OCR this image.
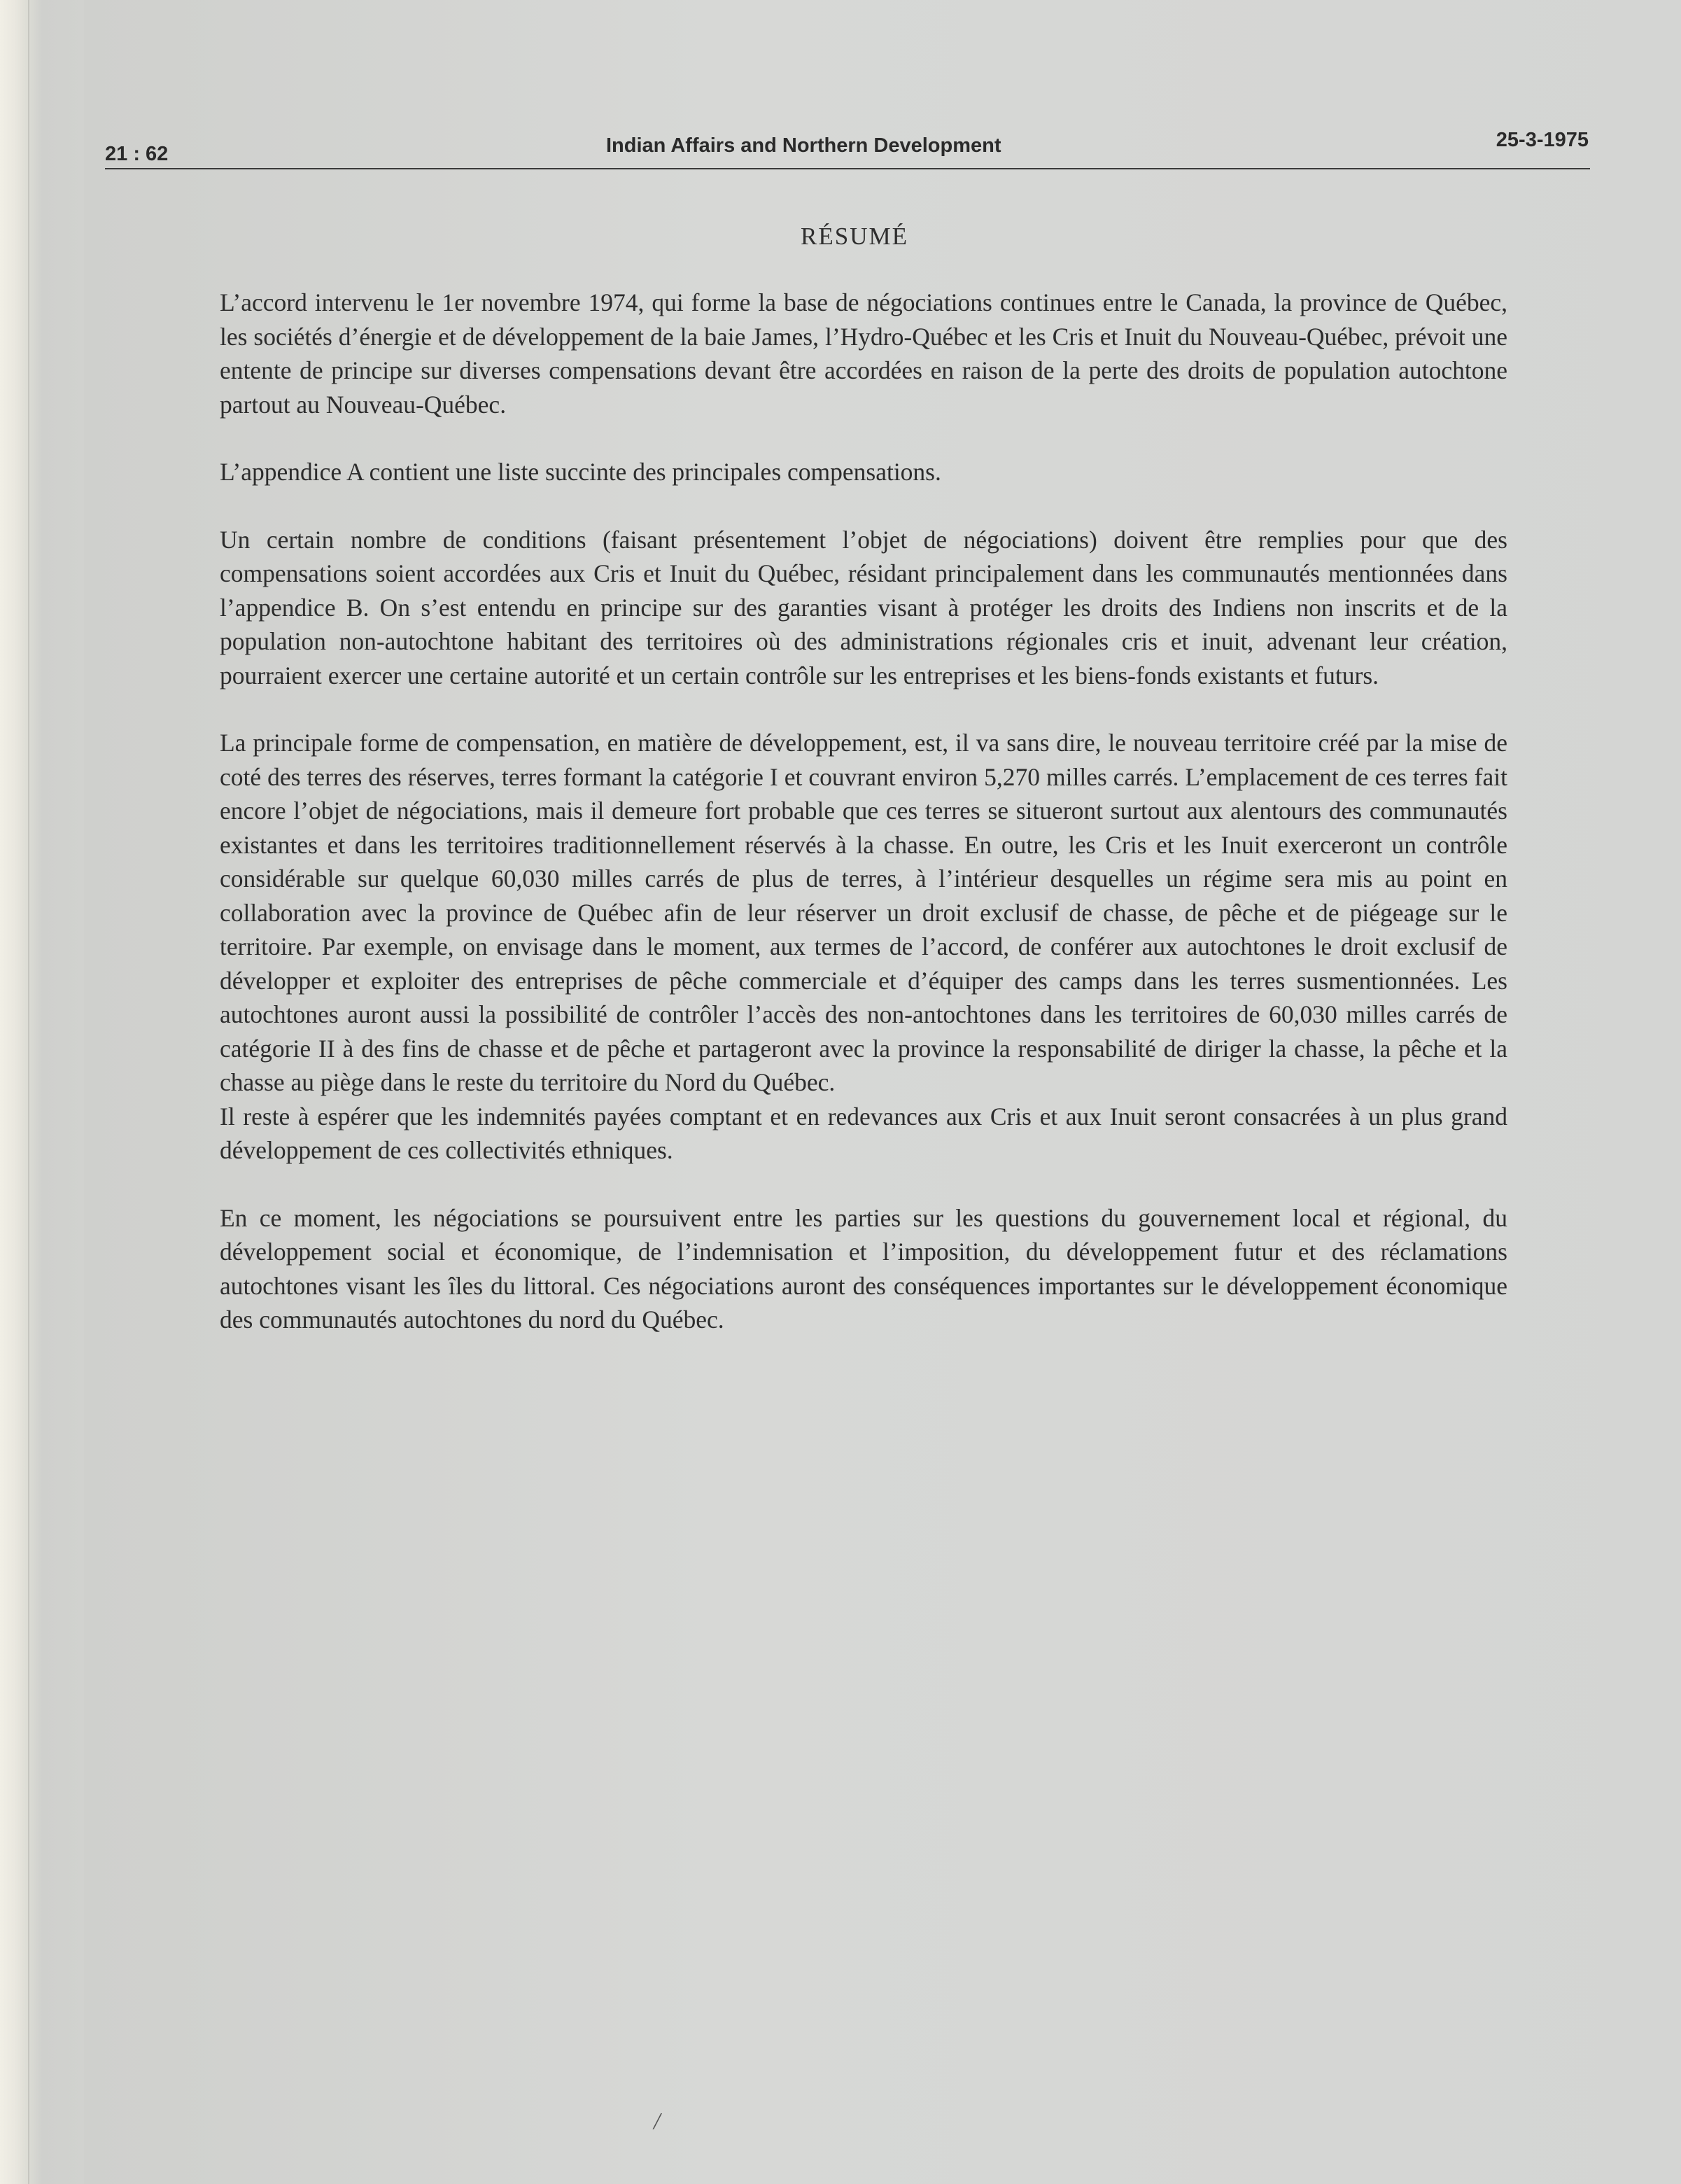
21 : 62	Indian Affairs and Northern Development	25-3-1975
RÉSUMÉ

L’accord intervenu le 1er novembre 1974, qui forme la base de négociations continues entre le Canada, la province de Québec, les sociétés d’énergie et de développement de la baie James, l’Hydro-Québec et les Cris et Inuit du Nouveau-Québec, prévoit une entente de principe sur diverses compensations devant être accordées en raison de la perte des droits de population autochtone partout au Nouveau-Québec.

L’appendice A contient une liste succinte des principales compensations.

Un certain nombre de conditions (faisant présentement l’objet de négociations) doivent être remplies pour que des compensations soient accordées aux Cris et Inuit du Québec, résidant principalement dans les communautés mentionnées dans l’appendice B. On s’est entendu en principe sur des garanties visant à protéger les droits des Indiens non inscrits et de la population non-autochtone habitant des territoires où des administrations régionales cris et inuit, advenant leur création, pourraient exercer une certaine autorité et un certain contrôle sur les entreprises et les biens-fonds existants et futurs.

La principale forme de compensation, en matière de développement, est, il va sans dire, le nouveau territoire créé par la mise de coté des terres des réserves, terres formant la catégorie I et couvrant environ 5,270 milles carrés. L’emplacement de ces terres fait encore l’objet de négociations, mais il demeure fort probable que ces terres se situeront surtout aux alentours des communautés existantes et dans les territoires traditionnellement réservés à la chasse. En outre, les Cris et les Inuit exerceront un contrôle considérable sur quelque 60,030 milles carrés de plus de terres, à l’intérieur desquelles un régime sera mis au point en collaboration avec la province de Québec afin de leur réserver un droit exclusif de chasse, de pêche et de piégeage sur le territoire. Par exemple, on envisage dans le moment, aux termes de l’accord, de conférer aux autochtones le droit exclusif de développer et exploiter des entreprises de pêche commerciale et d’équiper des camps dans les terres susmentionnées. Les autochtones auront aussi la possibilité de contrôler l’accès des non-antochtones dans les territoires de 60,030 milles carrés de catégorie II à des fins de chasse et de pêche et partageront avec la province la responsabilité de diriger la chasse, la pêche et la chasse au piège dans le reste du territoire du Nord du Québec.

Il reste à espérer que les indemnités payées comptant et en redevances aux Cris et aux Inuit seront consacrées à un plus grand développement de ces collectivités ethniques.

En ce moment, les négociations se poursuivent entre les parties sur les questions du gouvernement local et régional, du développement social et économique, de l’indemnisation et l’imposition, du développement futur et des réclamations autochtones visant les îles du littoral. Ces négociations auront des conséquences importantes sur le développement économique des communautés autochtones du nord du Québec.

/
